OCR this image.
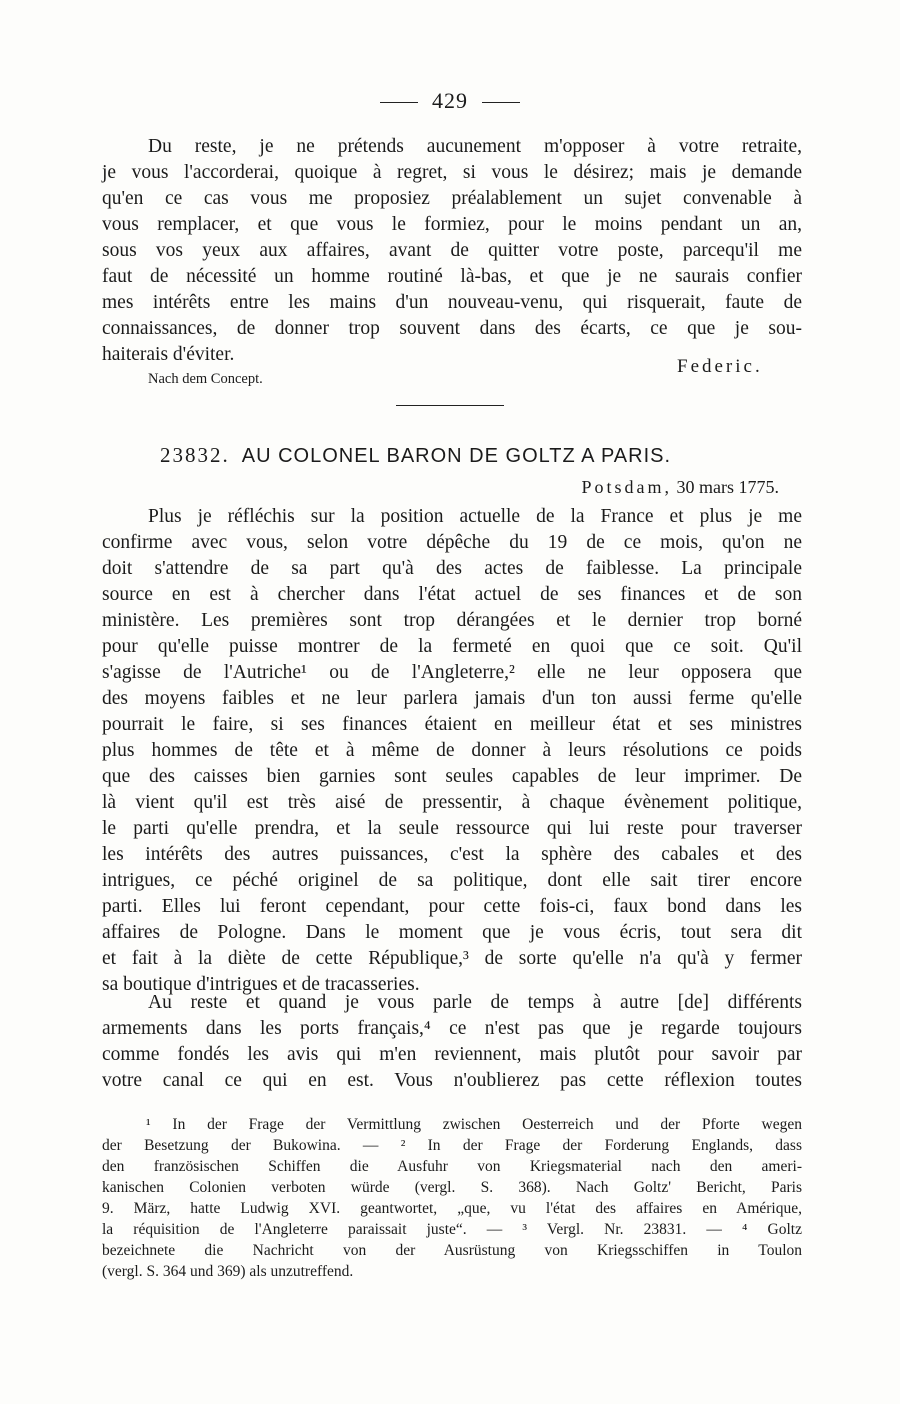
429
Du reste, je ne prétends aucunement m'opposer à votre retraite,
je vous l'accorderai, quoique à regret, si vous le désirez; mais je demande
qu'en ce cas vous me proposiez préalablement un sujet convenable à
vous remplacer, et que vous le formiez, pour le moins pendant un an,
sous vos yeux aux affaires, avant de quitter votre poste, parcequ'il me
faut de nécessité un homme routiné là-bas, et que je ne saurais confier
mes intérêts entre les mains d'un nouveau-venu, qui risquerait, faute de
connaissances, de donner trop souvent dans des écarts, ce que je sou-
haiterais d'éviter.
Federic.
Nach dem Concept.
23832. AU COLONEL BARON DE GOLTZ A PARIS.
Potsdam, 30 mars 1775.
Plus je réfléchis sur la position actuelle de la France et plus je me
confirme avec vous, selon votre dépêche du 19 de ce mois, qu'on ne
doit s'attendre de sa part qu'à des actes de faiblesse. La principale
source en est à chercher dans l'état actuel de ses finances et de son
ministère. Les premières sont trop dérangées et le dernier trop borné
pour qu'elle puisse montrer de la fermeté en quoi que ce soit. Qu'il
s'agisse de l'Autriche¹ ou de l'Angleterre,² elle ne leur opposera que
des moyens faibles et ne leur parlera jamais d'un ton aussi ferme qu'elle
pourrait le faire, si ses finances étaient en meilleur état et ses ministres
plus hommes de tête et à même de donner à leurs résolutions ce poids
que des caisses bien garnies sont seules capables de leur imprimer. De
là vient qu'il est très aisé de pressentir, à chaque évènement politique,
le parti qu'elle prendra, et la seule ressource qui lui reste pour traverser
les intérêts des autres puissances, c'est la sphère des cabales et des
intrigues, ce péché originel de sa politique, dont elle sait tirer encore
parti. Elles lui feront cependant, pour cette fois-ci, faux bond dans les
affaires de Pologne. Dans le moment que je vous écris, tout sera dit
et fait à la diète de cette République,³ de sorte qu'elle n'a qu'à y fermer
sa boutique d'intrigues et de tracasseries.
Au reste et quand je vous parle de temps à autre [de] différents
armements dans les ports français,⁴ ce n'est pas que je regarde toujours
comme fondés les avis qui m'en reviennent, mais plutôt pour savoir par
votre canal ce qui en est. Vous n'oublierez pas cette réflexion toutes
¹ In der Frage der Vermittlung zwischen Oesterreich und der Pforte wegen
der Besetzung der Bukowina. — ² In der Frage der Forderung Englands, dass
den französischen Schiffen die Ausfuhr von Kriegsmaterial nach den ameri-
kanischen Colonien verboten würde (vergl. S. 368). Nach Goltz' Bericht, Paris
9. März, hatte Ludwig XVI. geantwortet, „que, vu l'état des affaires en Amérique,
la réquisition de l'Angleterre paraissait juste“. — ³ Vergl. Nr. 23831. — ⁴ Goltz
bezeichnete die Nachricht von der Ausrüstung von Kriegsschiffen in Toulon
(vergl. S. 364 und 369) als unzutreffend.
